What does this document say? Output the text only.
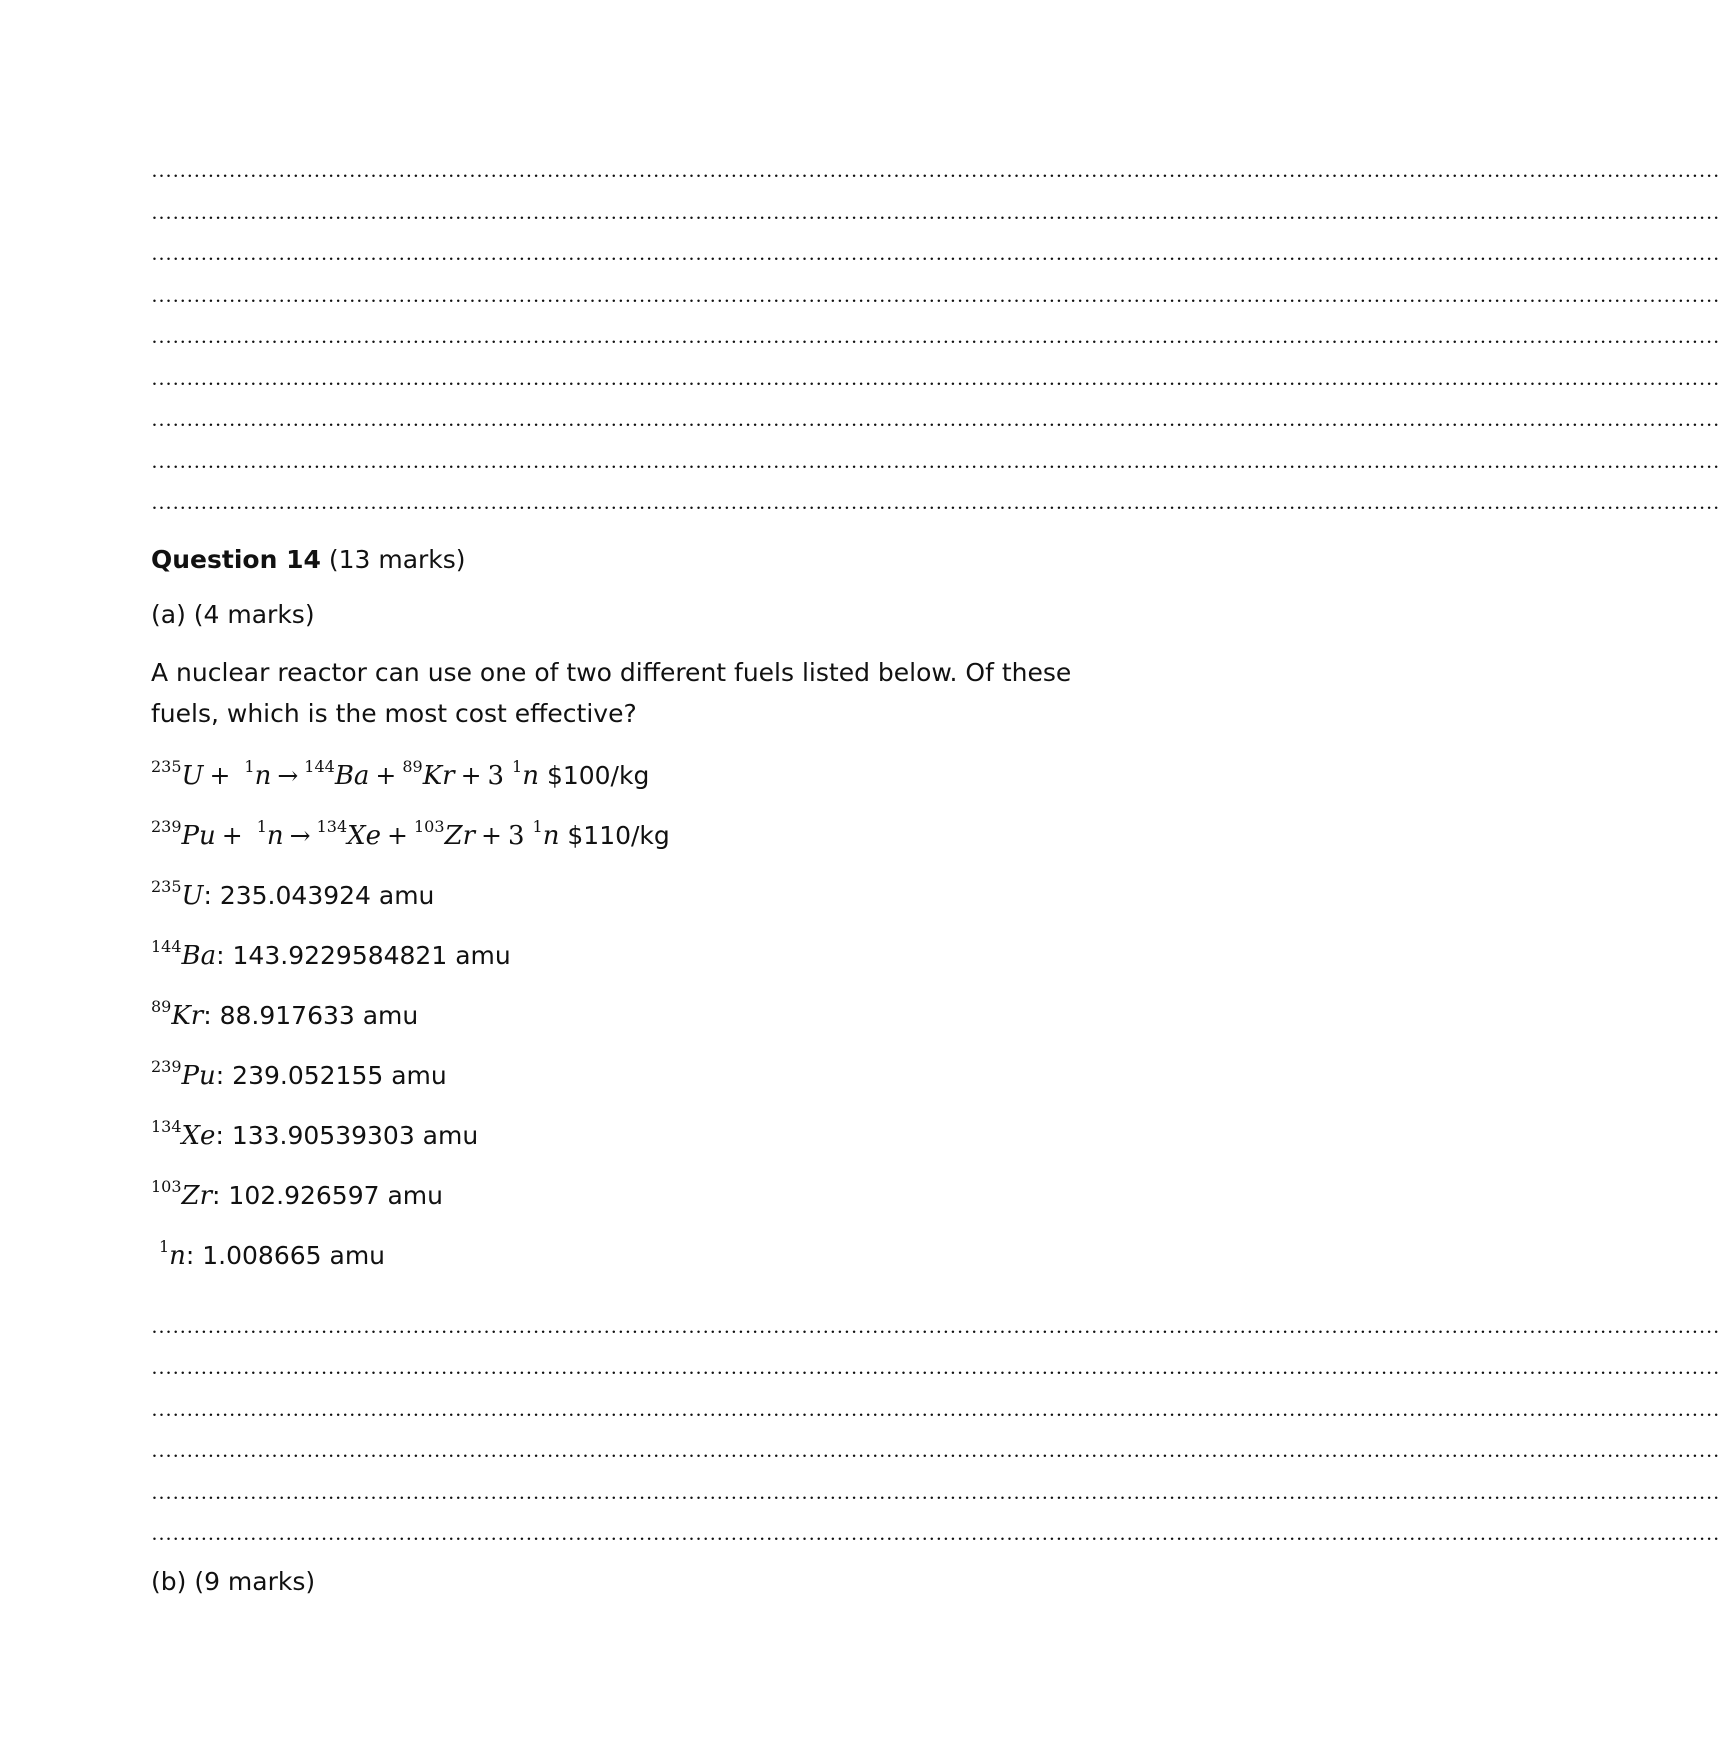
……………………………………………………………………………………………………………………………………………………………………………………………………
……………………………………………………………………………………………………………………………………………………………………………………………………
……………………………………………………………………………………………………………………………………………………………………………………………………
……………………………………………………………………………………………………………………………………………………………………………………………………
……………………………………………………………………………………………………………………………………………………………………………………………………
……………………………………………………………………………………………………………………………………………………………………………………………………
……………………………………………………………………………………………………………………………………………………………………………………………………
……………………………………………………………………………………………………………………………………………………………………………………………………
……………………………………………………………………………………………………………………………………………………………………………………………………
Question 14 (13 marks)
(a) (4 marks)
A nuclear reactor can use one of two different fuels listed below. Of these fuels, which is the most cost effective?
$^{235}$U + $^1$n → $^{144}$Ba + $^{89}$Kr + 3 $^1$n $100/kg
$^{239}$Pu + $^1$n → $^{134}$Xe + $^{103}$Zr + 3 $^1$n $110/kg
$^{235}$U: 235.043924 amu
$^{144}$Ba: 143.9229584821 amu
$^{89}$Kr: 88.917633 amu
$^{239}$Pu: 239.052155 amu
$^{134}$Xe: 133.90539303 amu
$^{103}$Zr: 102.926597 amu
$^1$n: 1.008665 amu
……………………………………………………………………………………………………………………………………………………………………………………………………
……………………………………………………………………………………………………………………………………………………………………………………………………
……………………………………………………………………………………………………………………………………………………………………………………………………
……………………………………………………………………………………………………………………………………………………………………………………………………
……………………………………………………………………………………………………………………………………………………………………………………………………
……………………………………………………………………………………………………………………………………………………………………………………………………
(b) (9 marks)
